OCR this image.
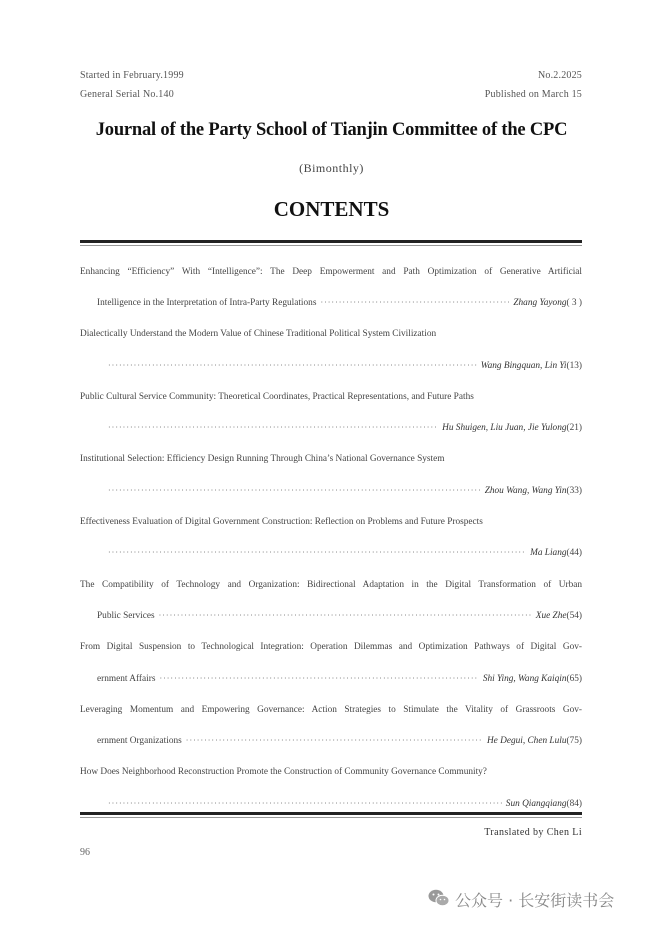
Started in February.1999
General Serial No.140
No.2.2025
Published on March 15
Journal of the Party School of Tianjin Committee of the CPC
(Bimonthly)
CONTENTS
Enhancing “Efficiency” With “Intelligence”: The Deep Empowerment and Path Optimization of Generative Artificial
Intelligence in the Interpretation of Intra-Party Regulations ·····	Zhang Yayong ( 3 )
Dialectically Understand the Modern Value of Chinese Traditional Political System Civilization
·····
Wang Bingquan, Lin Yi (13)
Public Cultural Service Community: Theoretical Coordinates, Practical Representations, and Future Paths
·····
Hu Shuigen, Liu Juan, Jie Yulong (21)
Institutional Selection: Efficiency Design Running Through China’s National Governance System
·····
Zhou Wang, Wang Yin (33)
Effectiveness Evaluation of Digital Government Construction: Reflection on Problems and Future Prospects
·····
Ma Liang (44)
The Compatibility of Technology and Organization: Bidirectional Adaptation in the Digital Transformation of Urban
Public Services ·····	Xue Zhe (54)
From Digital Suspension to Technological Integration: Operation Dilemmas and Optimization Pathways of Digital Gov-
ernment Affairs ·····	Shi Ying, Wang Kaiqin (65)
Leveraging Momentum and Empowering Governance: Action Strategies to Stimulate the Vitality of Grassroots Gov-
ernment Organizations ·····	He Degui, Chen Lulu (75)
How Does Neighborhood Reconstruction Promote the Construction of Community Governance Community?
·····
Sun Qiangqiang (84)
Translated by Chen Li
96
公众号 · 长安街读书会
